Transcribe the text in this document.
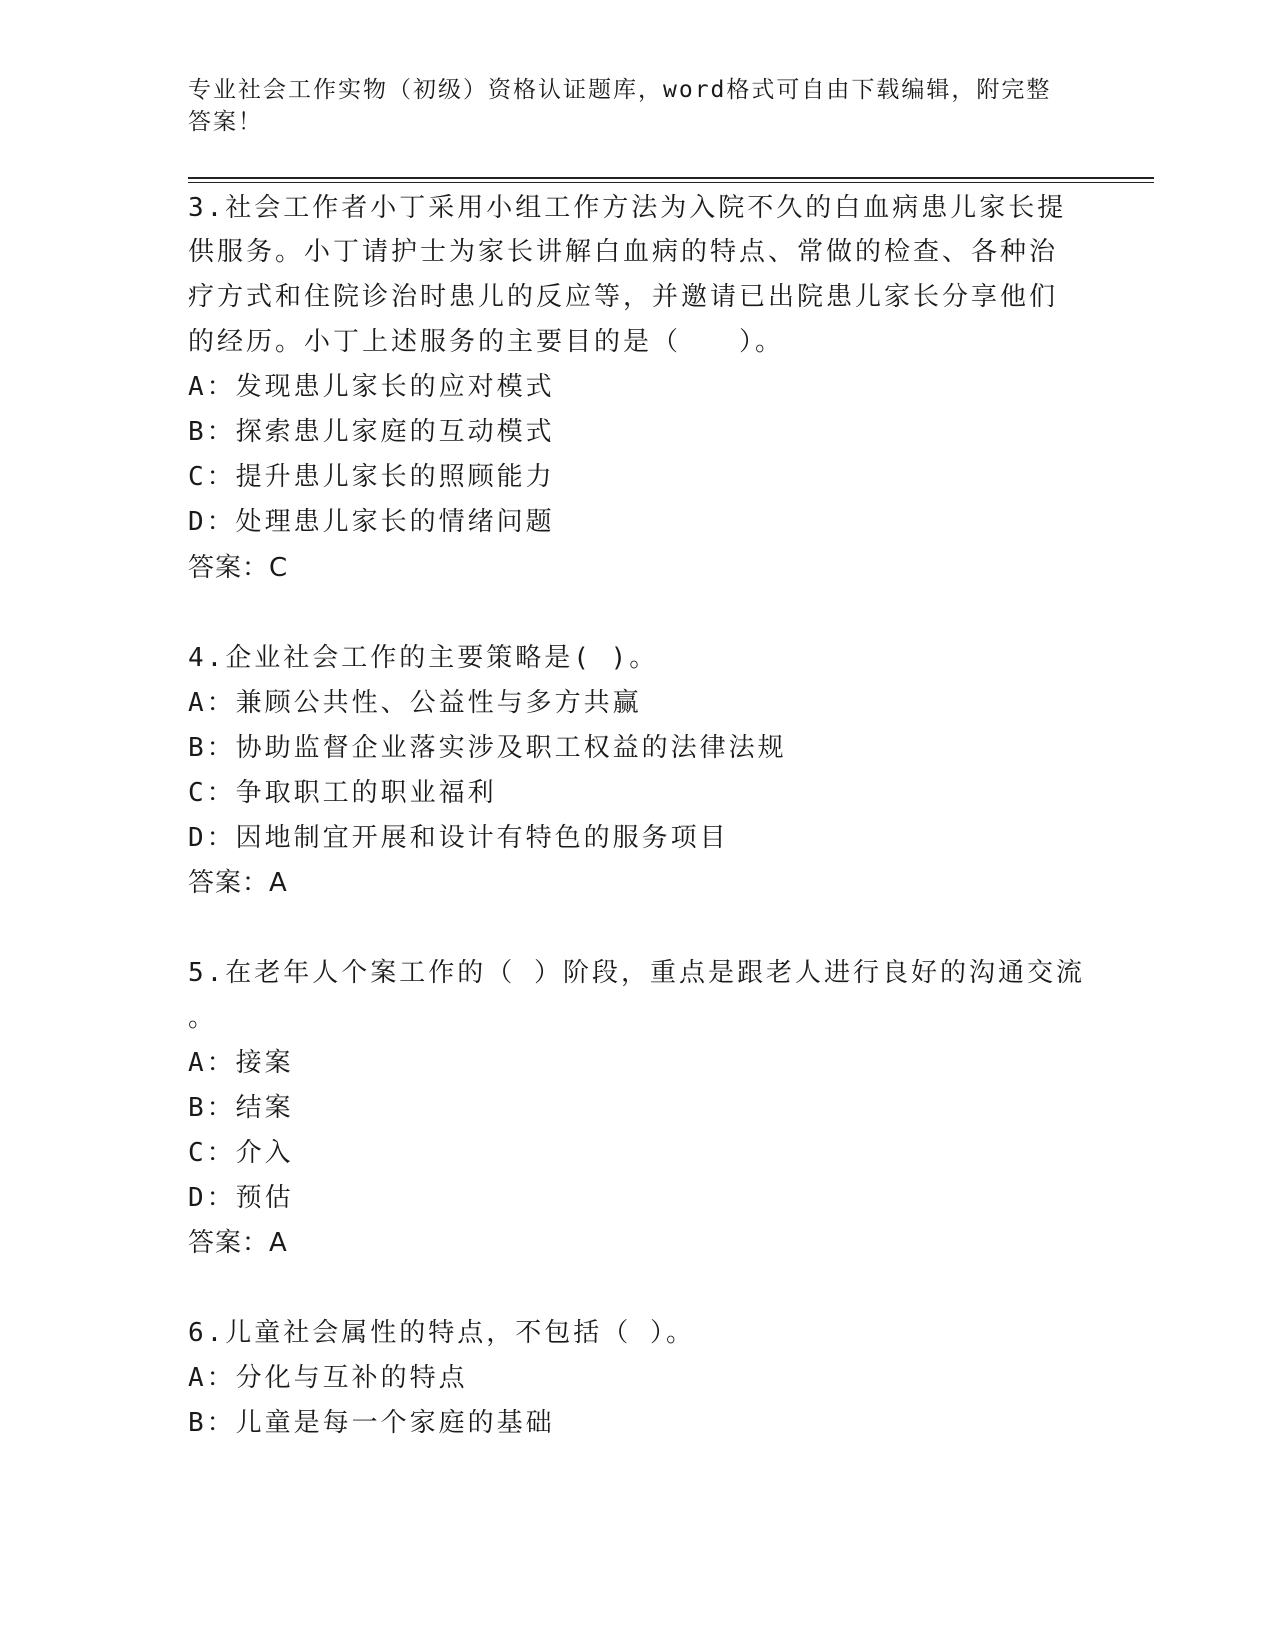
专业社会工作实物（初级）资格认证题库，word格式可自由下载编辑，附完整答案！
3.社会工作者小丁采用小组工作方法为入院不久的白血病患儿家长提
供服务。小丁请护士为家长讲解白血病的特点、常做的检查、各种治
疗方式和住院诊治时患儿的反应等，并邀请已出院患儿家长分享他们
的经历。小丁上述服务的主要目的是（　　）。
A：发现患儿家长的应对模式
B：探索患儿家庭的互动模式
C：提升患儿家长的照顾能力
D：处理患儿家长的情绪问题
答案：C
4.企业社会工作的主要策略是( )。
A：兼顾公共性、公益性与多方共赢
B：协助监督企业落实涉及职工权益的法律法规
C：争取职工的职业福利
D：因地制宜开展和设计有特色的服务项目
答案：A
5.在老年人个案工作的（ ）阶段，重点是跟老人进行良好的沟通交流
。
A：接案
B：结案
C：介入
D：预估
答案：A
6.儿童社会属性的特点，不包括（ ）。
A：分化与互补的特点
B：儿童是每一个家庭的基础
